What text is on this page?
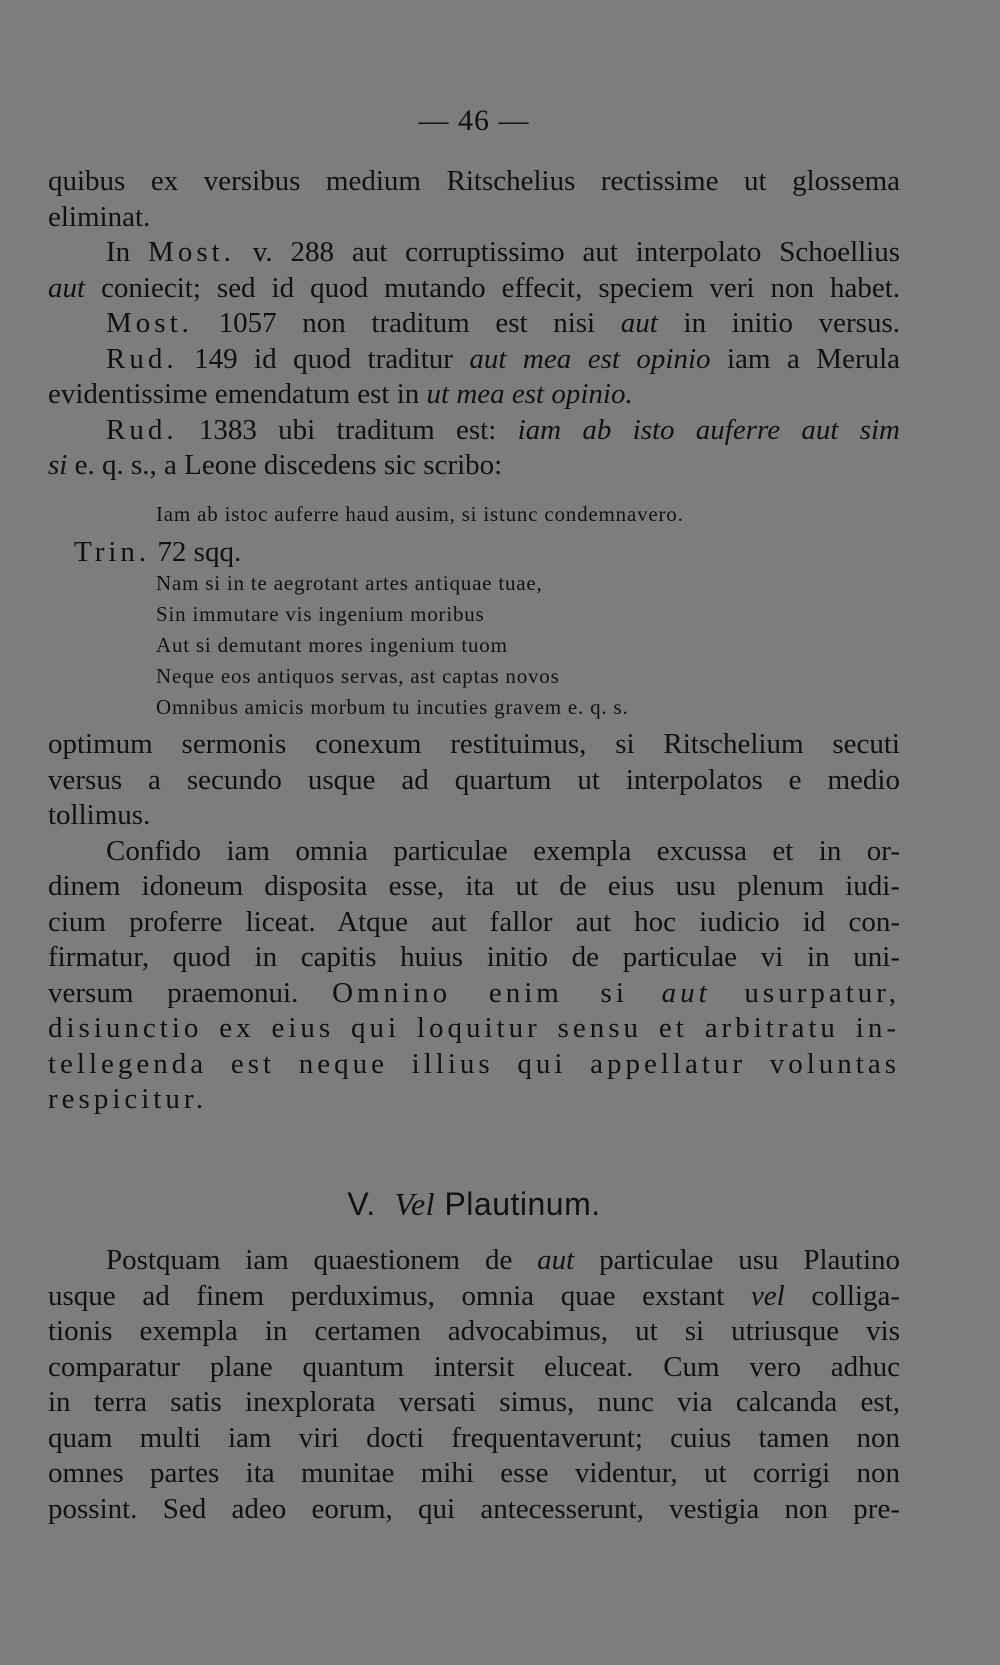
— 46 —
quibus ex versibus medium Ritschelius rectissime ut glossema
eliminat.
In Most. v. 288 aut corruptissimo aut interpolato Schoellius
aut coniecit; sed id quod mutando effecit, speciem veri non habet.
Most. 1057 non traditum est nisi aut in initio versus.
Rud. 149 id quod traditur aut mea est opinio iam a Merula
evidentissime emendatum est in ut mea est opinio.
Rud. 1383 ubi traditum est: iam ab isto auferre aut sim
si e. q. s., a Leone discedens sic scribo:
Iam ab istoc auferre haud ausim, si istunc condemnavero.
Trin. 72 sqq.
Nam si in te aegrotant artes antiquae tuae,
Sin immutare vis ingenium moribus
Aut si demutant mores ingenium tuom
Neque eos antiquos servas, ast captas novos
Omnibus amicis morbum tu incuties gravem e. q. s.
optimum sermonis conexum restituimus, si Ritschelium secuti
versus a secundo usque ad quartum ut interpolatos e medio
tollimus.
Confido iam omnia particulae exempla excussa et in or-
dinem idoneum disposita esse, ita ut de eius usu plenum iudi-
cium proferre liceat. Atque aut fallor aut hoc iudicio id con-
firmatur, quod in capitis huius initio de particulae vi in uni-
versum praemonui. Omnino enim si aut usurpatur,
disiunctio ex eius qui loquitur sensu et arbitratu in-
tellegenda est neque illius qui appellatur voluntas
respicitur.
V. Vel Plautinum.
Postquam iam quaestionem de aut particulae usu Plautino
usque ad finem perduximus, omnia quae exstant vel colliga-
tionis exempla in certamen advocabimus, ut si utriusque vis
comparatur plane quantum intersit eluceat. Cum vero adhuc
in terra satis inexplorata versati simus, nunc via calcanda est,
quam multi iam viri docti frequentaverunt; cuius tamen non
omnes partes ita munitae mihi esse videntur, ut corrigi non
possint. Sed adeo eorum, qui antecesserunt, vestigia non pre-
